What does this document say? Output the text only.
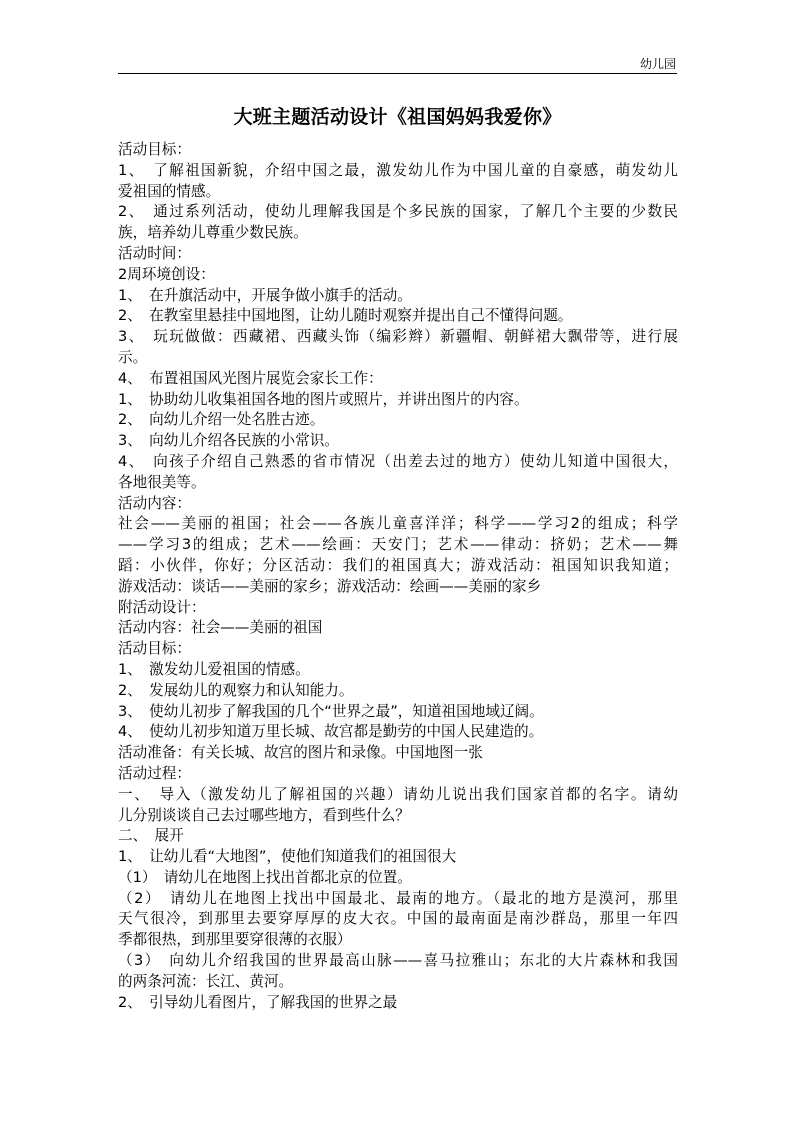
幼儿园
大班主题活动设计《祖国妈妈我爱你》
活动目标：
1、　了解祖国新貌，介绍中国之最，激发幼儿作为中国儿童的自豪感，萌发幼儿
爱祖国的情感。
2、　通过系列活动，使幼儿理解我国是个多民族的国家，了解几个主要的少数民
族，培养幼儿尊重少数民族。
活动时间：
2周环境创设：
1、　在升旗活动中，开展争做小旗手的活动。
2、　在教室里悬挂中国地图，让幼儿随时观察并提出自己不懂得问题。
3、　玩玩做做：西藏裙、西藏头饰（编彩辫）新疆帽、朝鲜裙大飘带等，进行展
示。
4、　布置祖国风光图片展览会家长工作：
1、　协助幼儿收集祖国各地的图片或照片，并讲出图片的内容。
2、　向幼儿介绍一处名胜古迹。
3、　向幼儿介绍各民族的小常识。
4、　向孩子介绍自己熟悉的省市情况（出差去过的地方）使幼儿知道中国很大，
各地很美等。
活动内容：
社会——美丽的祖国；社会——各族儿童喜洋洋；科学——学习2的组成；科学
——学习3的组成；艺术——绘画：天安门；艺术——律动：挤奶；艺术——舞
蹈：小伙伴，你好；分区活动：我们的祖国真大；游戏活动：祖国知识我知道；
游戏活动：谈话——美丽的家乡；游戏活动：绘画——美丽的家乡
附活动设计：
活动内容：社会——美丽的祖国
活动目标：
1、　激发幼儿爱祖国的情感。
2、　发展幼儿的观察力和认知能力。
3、　使幼儿初步了解我国的几个“世界之最”，知道祖国地域辽阔。
4、　使幼儿初步知道万里长城、故宫都是勤劳的中国人民建造的。
活动准备：有关长城、故宫的图片和录像。中国地图一张
活动过程：
一、　导入（激发幼儿了解祖国的兴趣）请幼儿说出我们国家首都的名字。请幼
儿分别谈谈自己去过哪些地方，看到些什么？
二、　展开
1、　让幼儿看“大地图”，使他们知道我们的祖国很大
（1）　请幼儿在地图上找出首都北京的位置。
（2）　请幼儿在地图上找出中国最北、最南的地方。（最北的地方是漠河，那里
天气很冷，到那里去要穿厚厚的皮大衣。中国的最南面是南沙群岛，那里一年四
季都很热，到那里要穿很薄的衣服）
（3）　向幼儿介绍我国的世界最高山脉——喜马拉雅山；东北的大片森林和我国
的两条河流：长江、黄河。
2、　引导幼儿看图片，了解我国的世界之最
